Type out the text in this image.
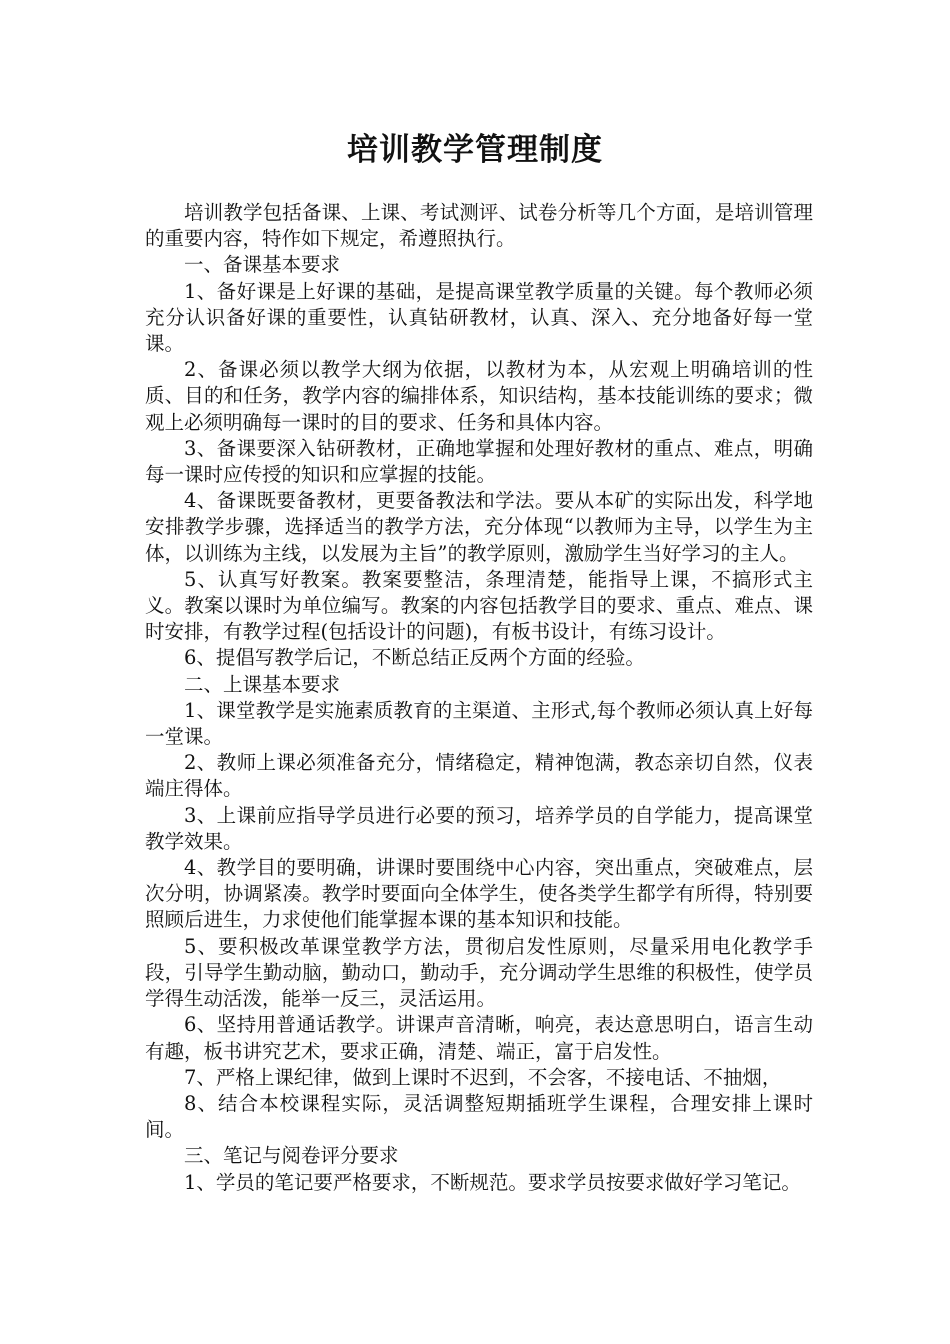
培训教学管理制度

培训教学包括备课、上课、考试测评、试卷分析等几个方面，是培训管理的重要内容，特作如下规定，希遵照执行。

一、备课基本要求

1、备好课是上好课的基础，是提高课堂教学质量的关键。每个教师必须充分认识备好课的重要性，认真钻研教材，认真、深入、充分地备好每一堂课。

2、备课必须以教学大纲为依据，以教材为本，从宏观上明确培训的性质、目的和任务，教学内容的编排体系，知识结构，基本技能训练的要求；微观上必须明确每一课时的目的要求、任务和具体内容。

3、备课要深入钻研教材，正确地掌握和处理好教材的重点、难点，明确每一课时应传授的知识和应掌握的技能。

4、备课既要备教材，更要备教法和学法。要从本矿的实际出发，科学地安排教学步骤，选择适当的教学方法，充分体现“以教师为主导，以学生为主体，以训练为主线，以发展为主旨”的教学原则，激励学生当好学习的主人。

5、认真写好教案。教案要整洁，条理清楚，能指导上课，不搞形式主义。教案以课时为单位编写。教案的内容包括教学目的要求、重点、难点、课时安排，有教学过程(包括设计的问题)，有板书设计，有练习设计。

6、提倡写教学后记，不断总结正反两个方面的经验。

二、上课基本要求

1、课堂教学是实施素质教育的主渠道、主形式,每个教师必须认真上好每一堂课。

2、教师上课必须准备充分，情绪稳定，精神饱满，教态亲切自然，仪表端庄得体。

3、上课前应指导学员进行必要的预习，培养学员的自学能力，提高课堂教学效果。

4、教学目的要明确，讲课时要围绕中心内容，突出重点，突破难点，层次分明，协调紧凑。教学时要面向全体学生，使各类学生都学有所得，特别要照顾后进生，力求使他们能掌握本课的基本知识和技能。

5、要积极改革课堂教学方法，贯彻启发性原则，尽量采用电化教学手段，引导学生勤动脑，勤动口，勤动手，充分调动学生思维的积极性，使学员学得生动活泼，能举一反三，灵活运用。

6、坚持用普通话教学。讲课声音清晰，响亮，表达意思明白，语言生动有趣，板书讲究艺术，要求正确，清楚、端正，富于启发性。

7、严格上课纪律，做到上课时不迟到，不会客，不接电话、不抽烟，

8、结合本校课程实际，灵活调整短期插班学生课程，合理安排上课时间。

三、笔记与阅卷评分要求

1、学员的笔记要严格要求，不断规范。要求学员按要求做好学习笔记。
